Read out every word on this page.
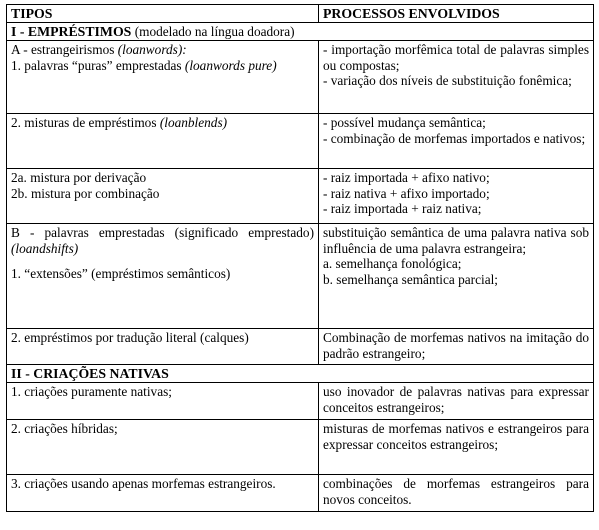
TIPOS	PROCESSOS ENVOLVIDOS
I - EMPRÉSTIMOS (modelado na língua doadora)	

A - estrangeirismos (loanwords):
1. palavras “puras” emprestadas (loanwords pure)	- importação morfêmica total de palavras simples ou compostas;
- variação dos níveis de substituição fonêmica;

2. misturas de empréstimos (loanblends)	- possível mudança semântica;
- combinação de morfemas importados e nativos;

2a. mistura por derivação
2b. mistura por combinação	- raiz importada + afixo nativo;
- raiz nativa + afixo importado;
- raiz importada + raiz nativa;

B - palavras emprestadas (significado emprestado) (loandshifts)
1. “extensões” (empréstimos semânticos)	substituição semântica de uma palavra nativa sob influência de uma palavra estrangeira;
a. semelhança fonológica;
b. semelhança semântica parcial;

2. empréstimos por tradução literal (calques)	Combinação de morfemas nativos na imitação do padrão estrangeiro;
II - CRIAÇÕES NATIVAS	
1. criações puramente nativas;	uso inovador de palavras nativas para expressar conceitos estrangeiros;
2. criações híbridas;	misturas de morfemas nativos e estrangeiros para expressar conceitos estrangeiros;
3. criações usando apenas morfemas estrangeiros.	combinações de morfemas estrangeiros para novos conceitos.
